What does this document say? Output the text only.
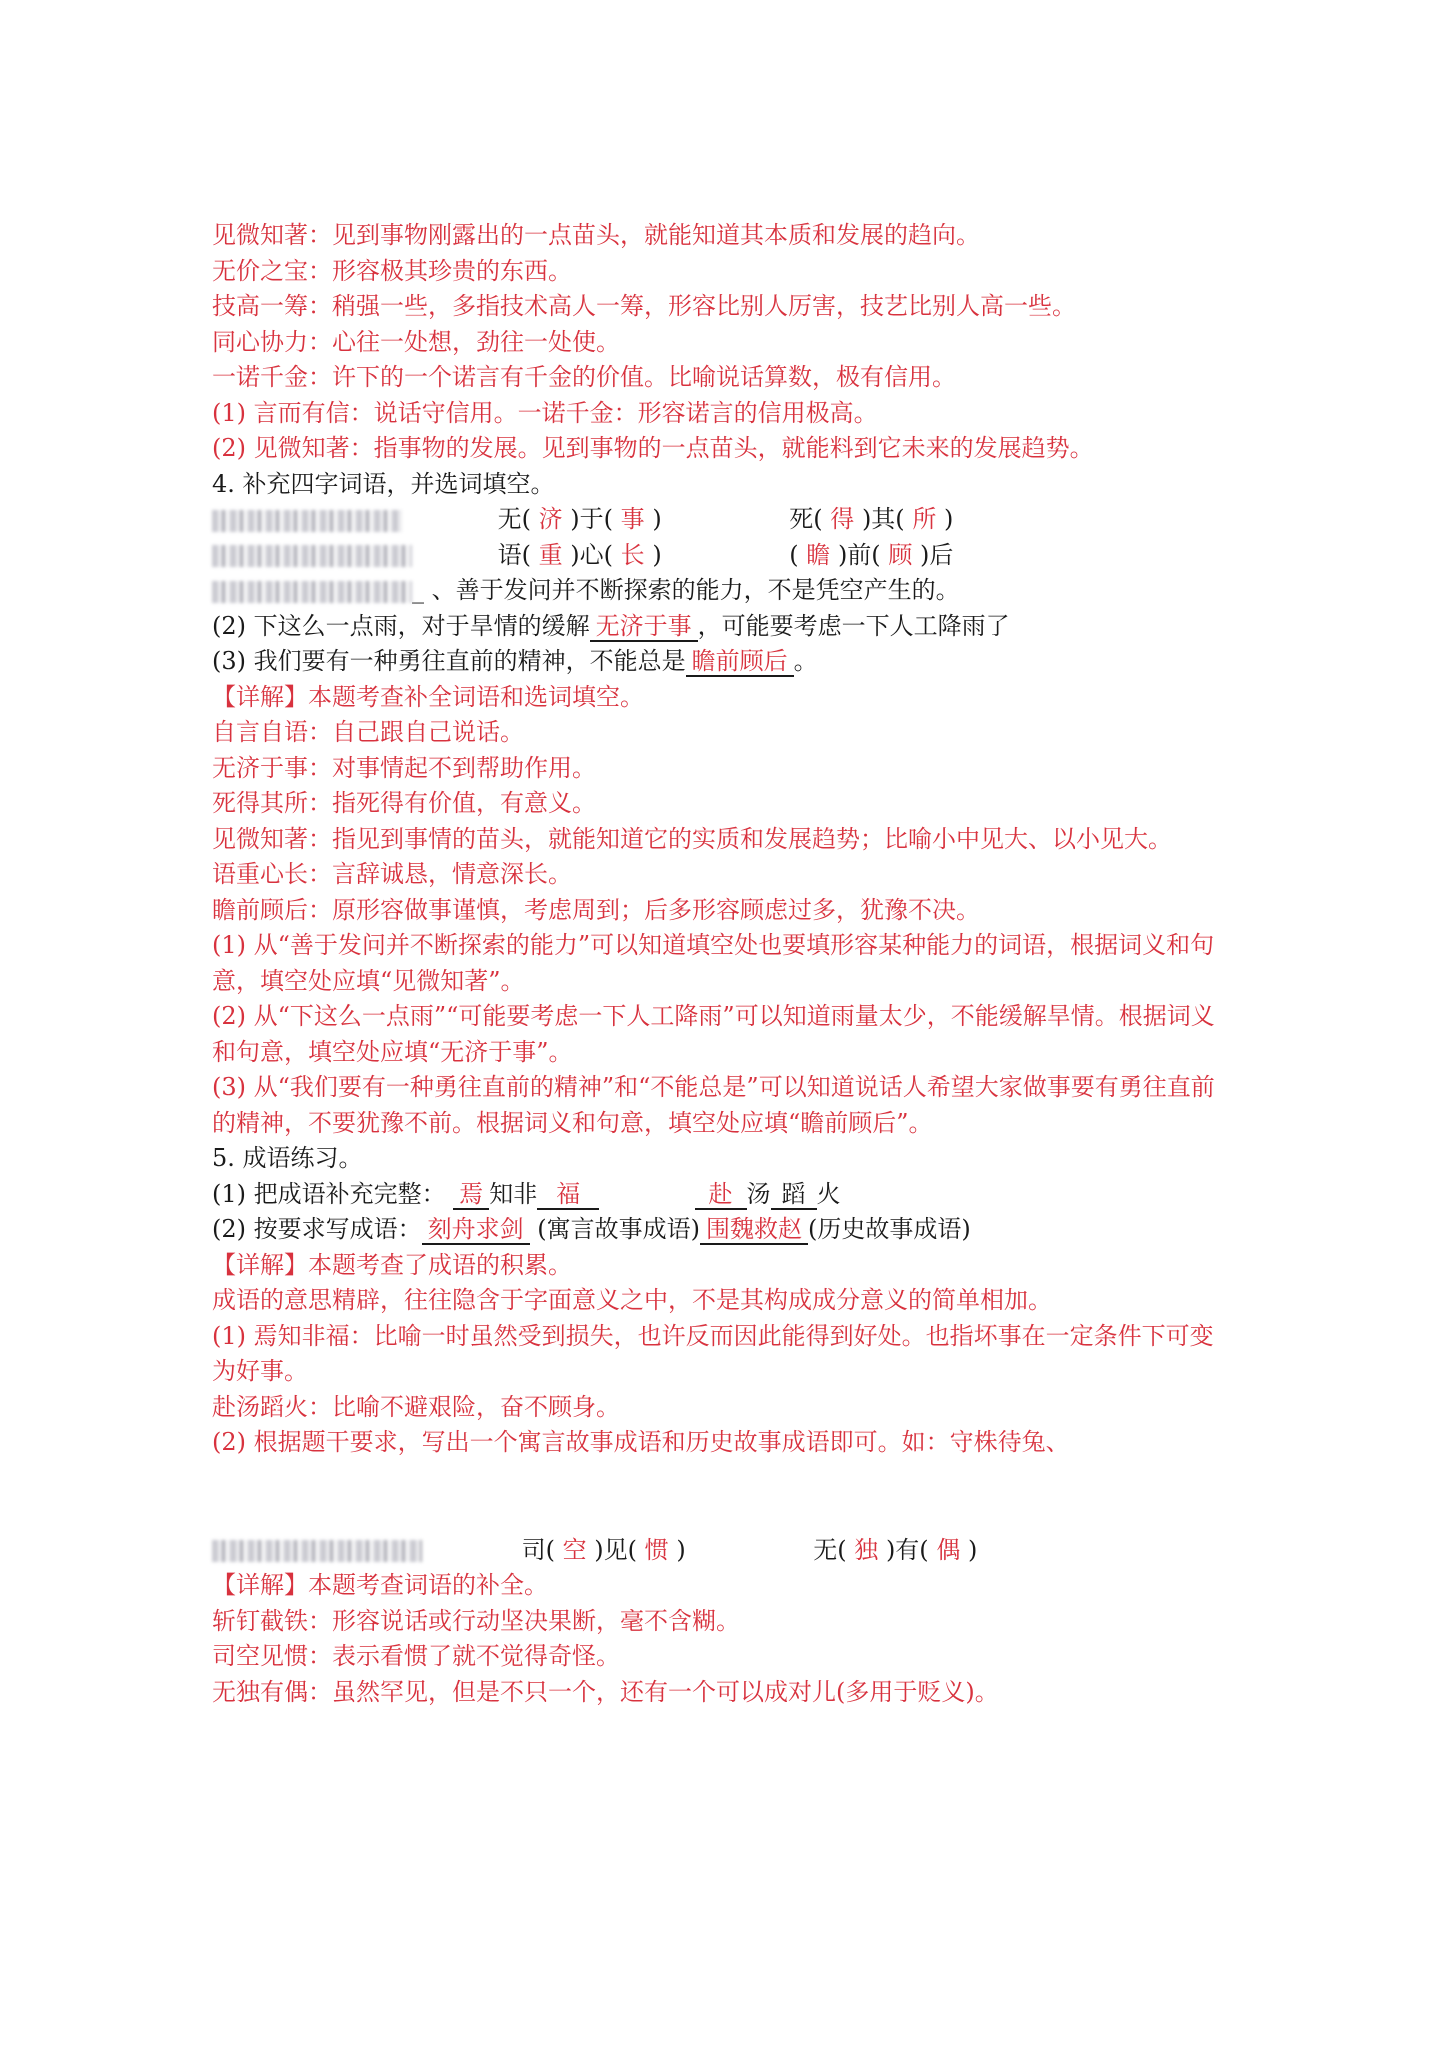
见微知著：见到事物刚露出的一点苗头，就能知道其本质和发展的趋向。
无价之宝：形容极其珍贵的东西。
技高一筹：稍强一些，多指技术高人一筹，形容比别人厉害，技艺比别人高一些。
同心协力：心往一处想，劲往一处使。
一诺千金：许下的一个诺言有千金的价值。比喻说话算数，极有信用。
(1) 言而有信：说话守信用。一诺千金：形容诺言的信用极高。
(2) 见微知著：指事物的发展。见到事物的一点苗头，就能料到它未来的发展趋势。
4. 补充四字词语，并选词填空。
无( 济 )于( 事 )	死( 得 )其( 所 )
语( 重 )心( 长 )	( 瞻 )前( 顾 )后
_ 、善于发问并不断探索的能力，不是凭空产生的。
(2) 下这么一点雨，对于旱情的缓解 无济于事 ，可能要考虑一下人工降雨了
(3) 我们要有一种勇往直前的精神，不能总是 瞻前顾后 。
【详解】本题考查补全词语和选词填空。
自言自语：自己跟自己说话。
无济于事：对事情起不到帮助作用。
死得其所：指死得有价值，有意义。
见微知著：指见到事情的苗头，就能知道它的实质和发展趋势；比喻小中见大、以小见大。
语重心长：言辞诚恳，情意深长。
瞻前顾后：原形容做事谨慎，考虑周到；后多形容顾虑过多，犹豫不决。
(1) 从“善于发问并不断探索的能力”可以知道填空处也要填形容某种能力的词语，根据词义和句意，填空处应填“见微知著”。
(2) 从“下这么一点雨”“可能要考虑一下人工降雨”可以知道雨量太少，不能缓解旱情。根据词义和句意，填空处应填“无济于事”。
(3) 从“我们要有一种勇往直前的精神”和“不能总是”可以知道说话人希望大家做事要有勇往直前的精神，不要犹豫不前。根据词义和句意，填空处应填“瞻前顾后”。
5. 成语练习。
(1) 把成语补充完整： 焉 知非 福	赴 汤 蹈 火
(2) 按要求写成语： 刻舟求剑 (寓言故事成语) 围魏救赵 (历史故事成语)
【详解】本题考查了成语的积累。
成语的意思精辟，往往隐含于字面意义之中，不是其构成成分意义的简单相加。
(1) 焉知非福：比喻一时虽然受到损失，也许反而因此能得到好处。也指坏事在一定条件下可变为好事。
赴汤蹈火：比喻不避艰险，奋不顾身。
(2) 根据题干要求，写出一个寓言故事成语和历史故事成语即可。如：守株待兔、
司( 空 )见( 惯 )	无( 独 )有( 偶 )
【详解】本题考查词语的补全。
斩钉截铁：形容说话或行动坚决果断，毫不含糊。
司空见惯：表示看惯了就不觉得奇怪。
无独有偶：虽然罕见，但是不只一个，还有一个可以成对儿(多用于贬义)。
